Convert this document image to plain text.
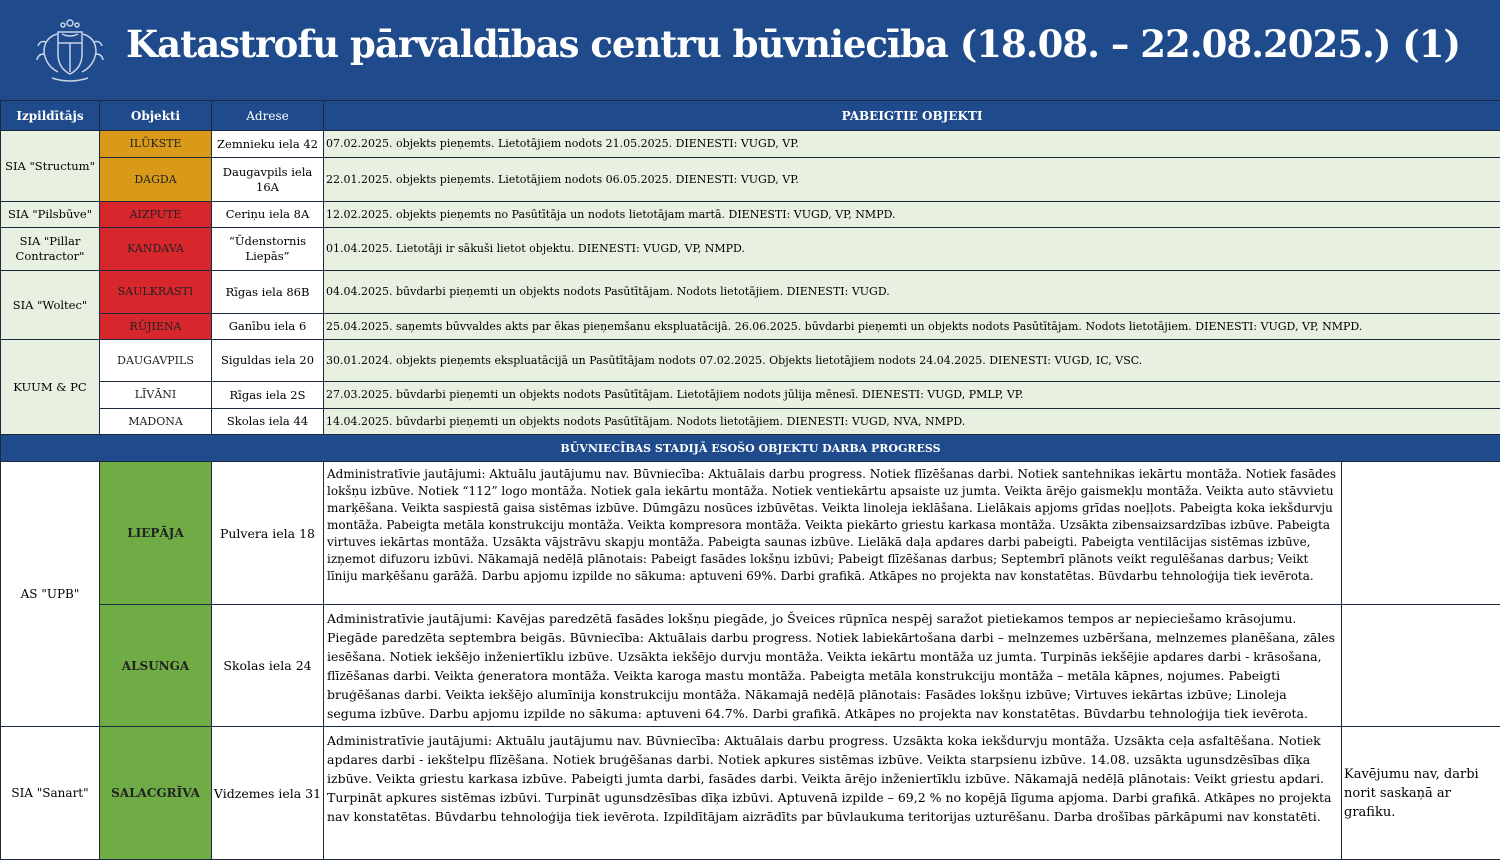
Katastrofu pārvaldības centru būvniecība (18.08. – 22.08.2025.) (1)
Izpildītājs	Objekti	Adrese	PABEIGTIE OBJEKTI	
SIA "Structum"	ILŪKSTE	Zemnieku iela 42	07.02.2025. objekts pieņemts. Lietotājiem nodots 21.05.2025. DIENESTI: VUGD, VP.	
	DAGDA	Daugavpils iela 16A	22.01.2025. objekts pieņemts. Lietotājiem nodots 06.05.2025. DIENESTI: VUGD, VP.	
SIA "Pilsbūve"	AIZPUTE	Ceriņu iela 8A	12.02.2025. objekts pieņemts no Pasūtītāja un nodots lietotājam martā. DIENESTI: VUGD, VP, NMPD.	
SIA "Pillar Contractor"	KANDAVA	“Ūdenstornis Liepās”	01.04.2025. Lietotāji ir sākuši lietot objektu. DIENESTI: VUGD, VP, NMPD.	
SIA "Woltec"	SAULKRASTI	Rīgas iela 86B	04.04.2025. būvdarbi pieņemti un objekts nodots Pasūtītājam. Nodots lietotājiem. DIENESTI: VUGD.	
	RŪJIENA	Ganību iela 6	25.04.2025. saņemts būvvaldes akts par ēkas pieņemšanu ekspluatācijā. 26.06.2025. būvdarbi pieņemti un objekts nodots Pasūtītājam. Nodots lietotājiem. DIENESTI: VUGD, VP, NMPD.	
KUUM & PC	DAUGAVPILS	Siguldas iela 20	30.01.2024. objekts pieņemts ekspluatācijā un Pasūtītājam nodots 07.02.2025. Objekts lietotājiem nodots 24.04.2025. DIENESTI: VUGD, IC, VSC.	
	LĪVĀNI	Rīgas iela 2S	27.03.2025. būvdarbi pieņemti un objekts nodots Pasūtītājam. Lietotājiem nodots jūlija mēnesī. DIENESTI: VUGD, PMLP, VP.	
	MADONA	Skolas iela 44	14.04.2025. būvdarbi pieņemti un objekts nodots Pasūtītājam. Nodots lietotājiem. DIENESTI: VUGD, NVA, NMPD.	
BŪVNIECĪBAS STADIJĀ ESOŠO OBJEKTU DARBA PROGRESS				
AS "UPB"	LIEPĀJA	Pulvera iela 18	Administratīvie jautājumi: Aktuālu jautājumu nav. Būvniecība: Aktuālais darbu progress. Notiek flīzēšanas darbi. Notiek santehnikas iekārtu montāža. Notiek fasādes lokšņu izbūve. Notiek “112” logo montāža. Notiek gala iekārtu montāža. Notiek ventiekārtu apsaiste uz jumta. Veikta ārējo gaismekļu montāža. Veikta auto stāvvietu marķēšana. Veikta saspiestā gaisa sistēmas izbūve. Dūmgāzu nosūces izbūvētas. Veikta linoleja ieklāšana. Lielākais apjoms grīdas noeļļots. Pabeigta koka iekšdurvju montāža. Pabeigta metāla konstrukciju montāža. Veikta kompresora montāža. Veikta piekārto griestu karkasa montāža. Uzsākta zibensaizsardzības izbūve. Pabeigta virtuves iekārtas montāža. Uzsākta vājstrāvu skapju montāža. Pabeigta saunas izbūve. Lielākā daļa apdares darbi pabeigti. Pabeigta ventilācijas sistēmas izbūve, izņemot difuzoru izbūvi. Nākamajā nedēļā plānotais: Pabeigt fasādes lokšņu izbūvi; Pabeigt flīzēšanas darbus; Septembrī plānots veikt regulēšanas darbus; Veikt līniju marķēšanu garāžā. Darbu apjomu izpilde no sākuma: aptuveni 69%. Darbi grafikā. Atkāpes no projekta nav konstatētas. Būvdarbu tehnoloģija tiek ievērota.	
	ALSUNGA	Skolas iela 24	Administratīvie jautājumi: Kavējas paredzētā fasādes lokšņu piegāde, jo Šveices rūpnīca nespēj saražot pietiekamos tempos ar nepieciešamo krāsojumu. Piegāde paredzēta septembra beigās. Būvniecība: Aktuālais darbu progress. Notiek labiekārtošana darbi – melnzemes uzbēršana, melnzemes planēšana, zāles iesēšana. Notiek iekšējo inženiertīklu izbūve. Uzsākta iekšējo durvju montāža. Veikta iekārtu montāža uz jumta. Turpinās iekšējie apdares darbi - krāsošana, flīzēšanas darbi. Veikta ģeneratora montāža. Veikta karoga mastu montāža. Pabeigta metāla konstrukciju montāža – metāla kāpnes, nojumes. Pabeigti bruģēšanas darbi. Veikta iekšējo alumīnija konstrukciju montāža. Nākamajā nedēļā plānotais: Fasādes lokšņu izbūve; Virtuves iekārtas izbūve; Linoleja seguma izbūve. Darbu apjomu izpilde no sākuma: aptuveni 64.7%. Darbi grafikā. Atkāpes no projekta nav konstatētas. Būvdarbu tehnoloģija tiek ievērota.	
SIA "Sanart"	SALACGRĪVA	Vidzemes iela 31	Administratīvie jautājumi: Aktuālu jautājumu nav. Būvniecība: Aktuālais darbu progress. Uzsākta koka iekšdurvju montāža. Uzsākta ceļa asfaltēšana. Notiek apdares darbi - iekštelpu flīzēšana. Notiek bruģēšanas darbi. Notiek apkures sistēmas izbūve. Veikta starpsienu izbūve. 14.08. uzsākta ugunsdzēsības dīķa izbūve. Veikta griestu karkasa izbūve. Pabeigti jumta darbi, fasādes darbi. Veikta ārējo inženiertīklu izbūve. Nākamajā nedēļā plānotais: Veikt griestu apdari. Turpināt apkures sistēmas izbūvi. Turpināt ugunsdzēsības dīķa izbūvi. Aptuvenā izpilde – 69,2 % no kopējā līguma apjoma. Darbi grafikā. Atkāpes no projekta nav konstatētas. Būvdarbu tehnoloģija tiek ievērota. Izpildītājam aizrādīts par būvlaukuma teritorijas uzturēšanu. Darba drošības pārkāpumi nav konstatēti.	Kavējumu nav, darbi norit saskaņā ar grafiku.
